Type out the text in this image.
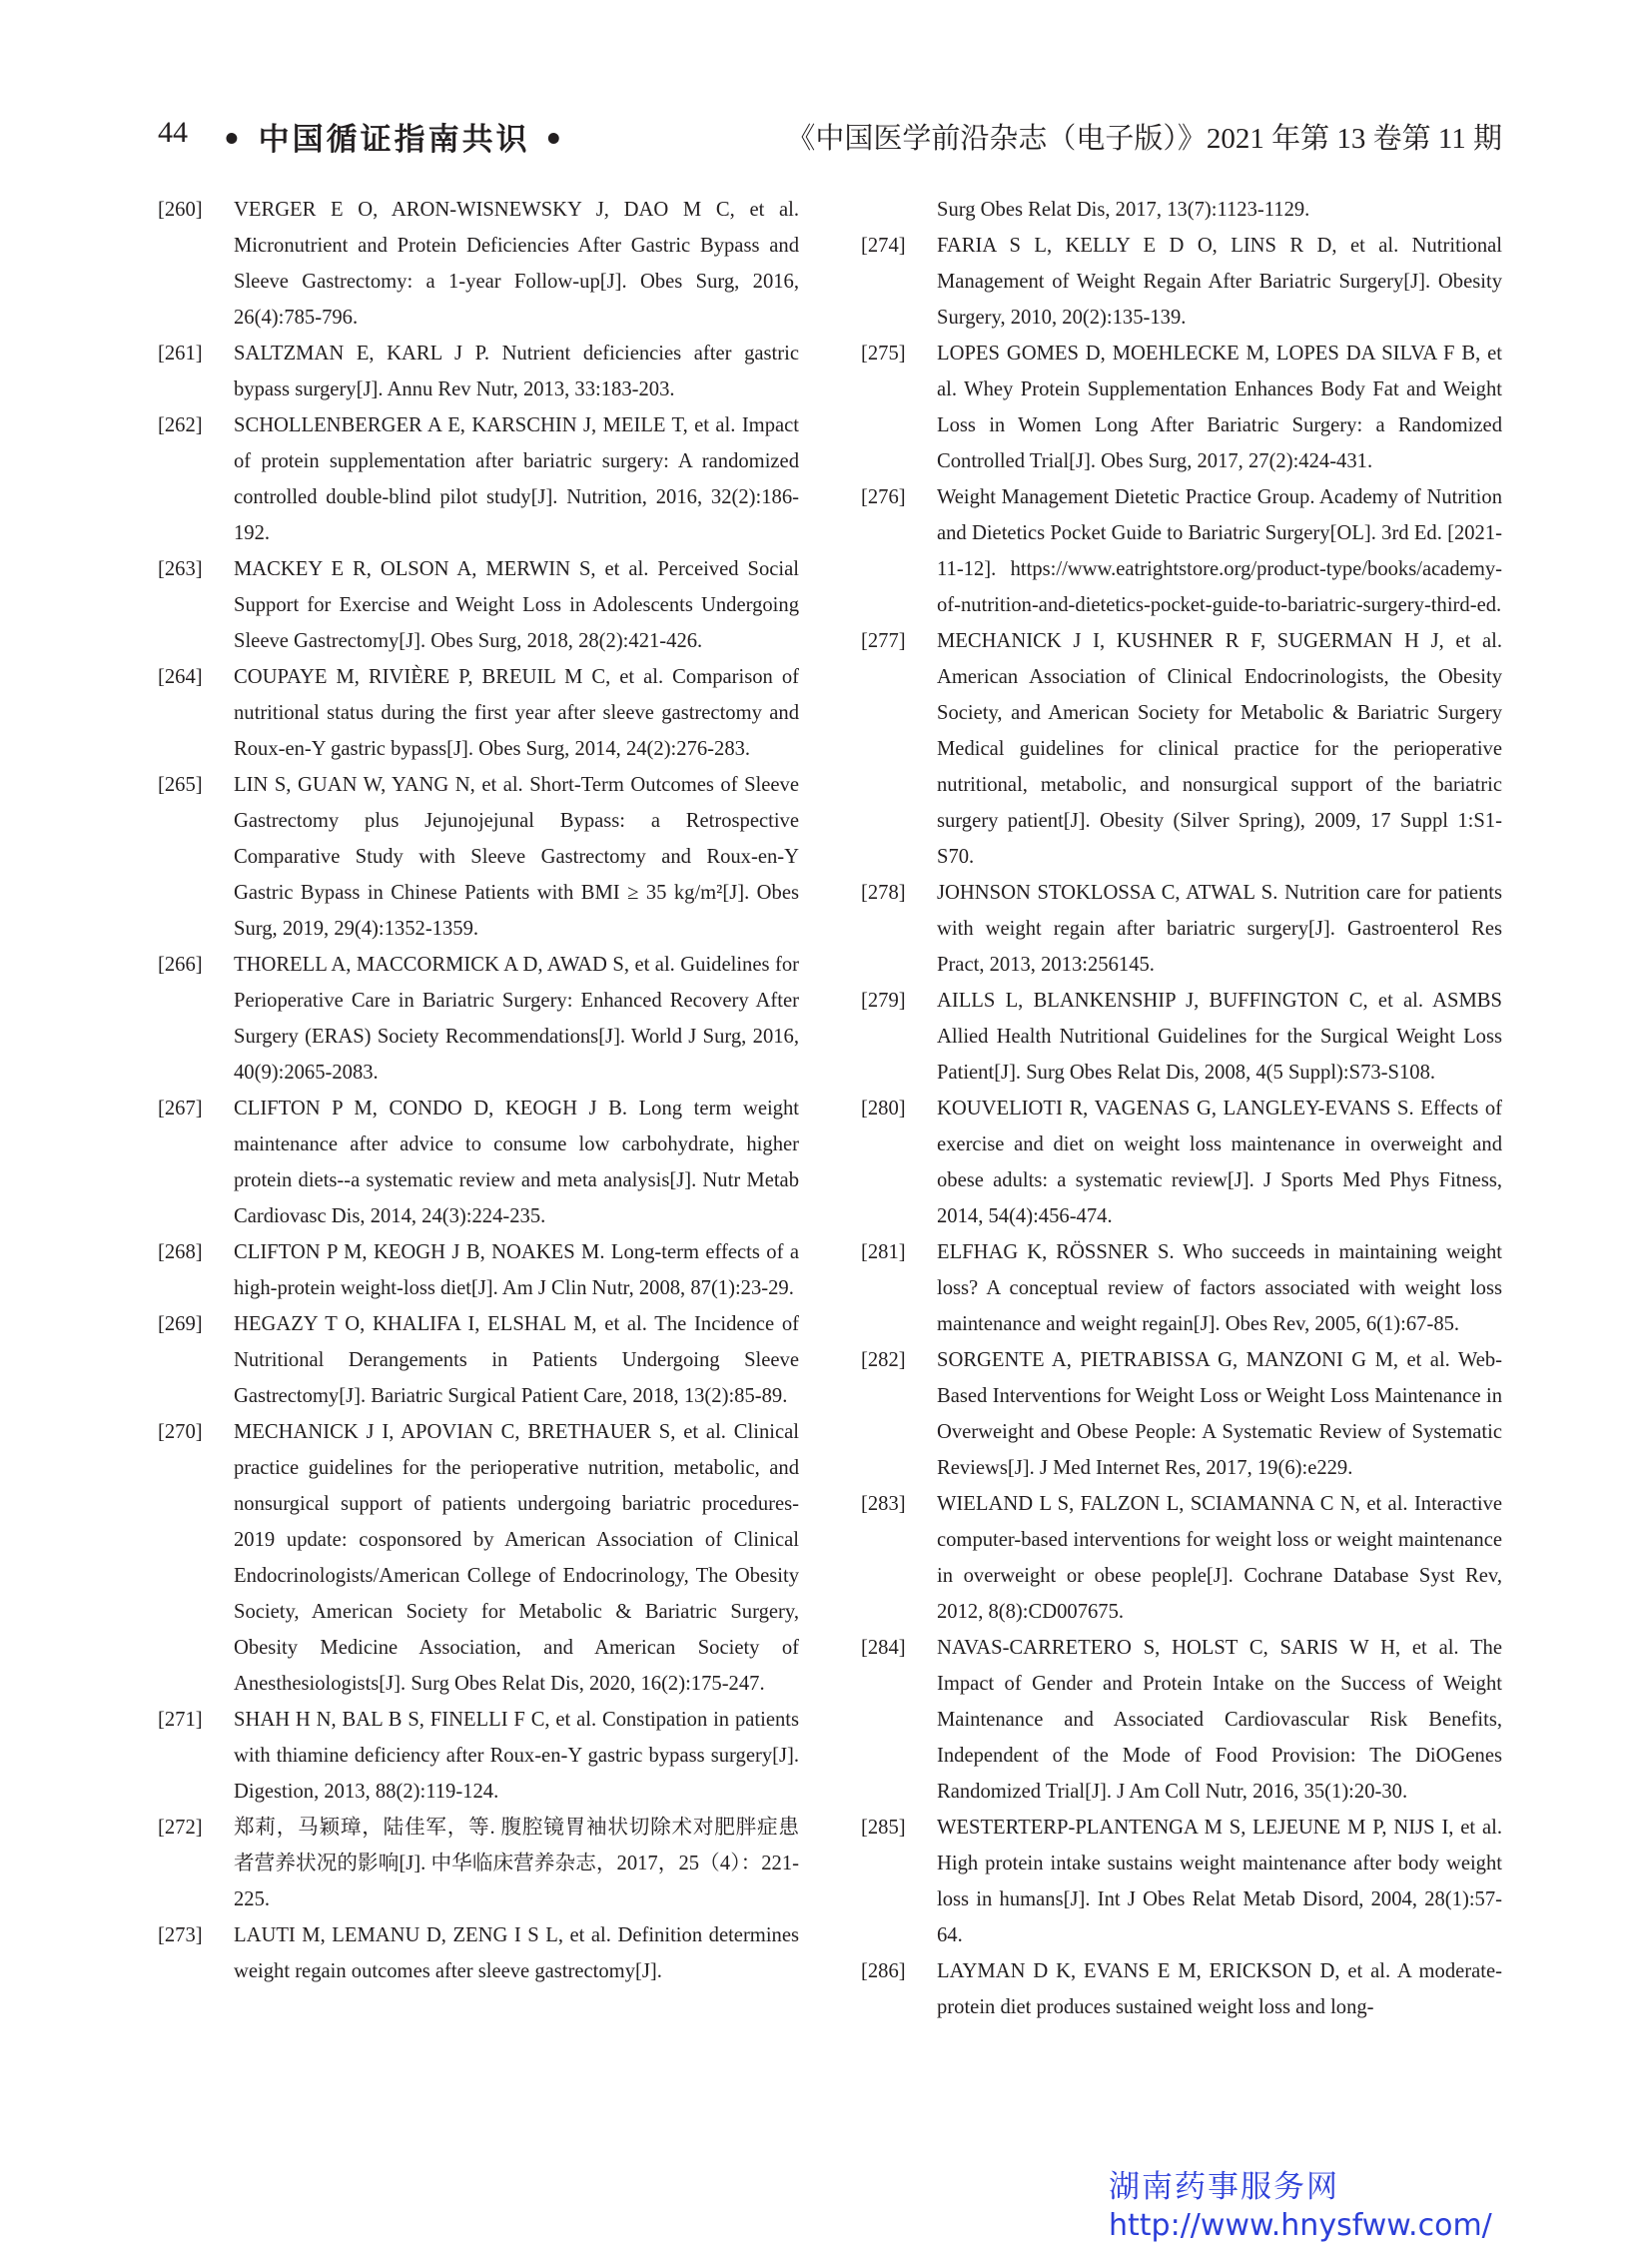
44 • 中国循证指南共识 •	《中国医学前沿杂志（电子版）》2021 年第 13 卷第 11 期
[260] VERGER E O, ARON-WISNEWSKY J, DAO M C, et al. Micronutrient and Protein Deficiencies After Gastric Bypass and Sleeve Gastrectomy: a 1-year Follow-up[J]. Obes Surg, 2016, 26(4):785-796.
[261] SALTZMAN E, KARL J P. Nutrient deficiencies after gastric bypass surgery[J]. Annu Rev Nutr, 2013, 33:183-203.
[262] SCHOLLENBERGER A E, KARSCHIN J, MEILE T, et al. Impact of protein supplementation after bariatric surgery: A randomized controlled double-blind pilot study[J]. Nutrition, 2016, 32(2):186-192.
[263] MACKEY E R, OLSON A, MERWIN S, et al. Perceived Social Support for Exercise and Weight Loss in Adolescents Undergoing Sleeve Gastrectomy[J]. Obes Surg, 2018, 28(2):421-426.
[264] COUPAYE M, RIVIÈRE P, BREUIL M C, et al. Comparison of nutritional status during the first year after sleeve gastrectomy and Roux-en-Y gastric bypass[J]. Obes Surg, 2014, 24(2):276-283.
[265] LIN S, GUAN W, YANG N, et al. Short-Term Outcomes of Sleeve Gastrectomy plus Jejunojejunal Bypass: a Retrospective Comparative Study with Sleeve Gastrectomy and Roux-en-Y Gastric Bypass in Chinese Patients with BMI ≥ 35 kg/m²[J]. Obes Surg, 2019, 29(4):1352-1359.
[266] THORELL A, MACCORMICK A D, AWAD S, et al. Guidelines for Perioperative Care in Bariatric Surgery: Enhanced Recovery After Surgery (ERAS) Society Recommendations[J]. World J Surg, 2016, 40(9):2065-2083.
[267] CLIFTON P M, CONDO D, KEOGH J B. Long term weight maintenance after advice to consume low carbohydrate, higher protein diets--a systematic review and meta analysis[J]. Nutr Metab Cardiovasc Dis, 2014, 24(3):224-235.
[268] CLIFTON P M, KEOGH J B, NOAKES M. Long-term effects of a high-protein weight-loss diet[J]. Am J Clin Nutr, 2008, 87(1):23-29.
[269] HEGAZY T O, KHALIFA I, ELSHAL M, et al. The Incidence of Nutritional Derangements in Patients Undergoing Sleeve Gastrectomy[J]. Bariatric Surgical Patient Care, 2018, 13(2):85-89.
[270] MECHANICK J I, APOVIAN C, BRETHAUER S, et al. Clinical practice guidelines for the perioperative nutrition, metabolic, and nonsurgical support of patients undergoing bariatric procedures-2019 update: cosponsored by American Association of Clinical Endocrinologists/American College of Endocrinology, The Obesity Society, American Society for Metabolic & Bariatric Surgery, Obesity Medicine Association, and American Society of Anesthesiologists[J]. Surg Obes Relat Dis, 2020, 16(2):175-247.
[271] SHAH H N, BAL B S, FINELLI F C, et al. Constipation in patients with thiamine deficiency after Roux-en-Y gastric bypass surgery[J]. Digestion, 2013, 88(2):119-124.
[272] 郑莉，马颖璋，陆佳军，等. 腹腔镜胃袖状切除术对肥胖症患者营养状况的影响[J]. 中华临床营养杂志，2017，25（4）：221-225.
[273] LAUTI M, LEMANU D, ZENG I S L, et al. Definition determines weight regain outcomes after sleeve gastrectomy[J].
Surg Obes Relat Dis, 2017, 13(7):1123-1129.
[274] FARIA S L, KELLY E D O, LINS R D, et al. Nutritional Management of Weight Regain After Bariatric Surgery[J]. Obesity Surgery, 2010, 20(2):135-139.
[275] LOPES GOMES D, MOEHLECKE M, LOPES DA SILVA F B, et al. Whey Protein Supplementation Enhances Body Fat and Weight Loss in Women Long After Bariatric Surgery: a Randomized Controlled Trial[J]. Obes Surg, 2017, 27(2):424-431.
[276] Weight Management Dietetic Practice Group. Academy of Nutrition and Dietetics Pocket Guide to Bariatric Surgery[OL]. 3rd Ed. [2021-11-12]. https://www.eatrightstore.org/product-type/books/academy-of-nutrition-and-dietetics-pocket-guide-to-bariatric-surgery-third-ed.
[277] MECHANICK J I, KUSHNER R F, SUGERMAN H J, et al. American Association of Clinical Endocrinologists, the Obesity Society, and American Society for Metabolic & Bariatric Surgery Medical guidelines for clinical practice for the perioperative nutritional, metabolic, and nonsurgical support of the bariatric surgery patient[J]. Obesity (Silver Spring), 2009, 17 Suppl 1:S1-S70.
[278] JOHNSON STOKLOSSA C, ATWAL S. Nutrition care for patients with weight regain after bariatric surgery[J]. Gastroenterol Res Pract, 2013, 2013:256145.
[279] AILLS L, BLANKENSHIP J, BUFFINGTON C, et al. ASMBS Allied Health Nutritional Guidelines for the Surgical Weight Loss Patient[J]. Surg Obes Relat Dis, 2008, 4(5 Suppl):S73-S108.
[280] KOUVELIOTI R, VAGENAS G, LANGLEY-EVANS S. Effects of exercise and diet on weight loss maintenance in overweight and obese adults: a systematic review[J]. J Sports Med Phys Fitness, 2014, 54(4):456-474.
[281] ELFHAG K, RÖSSNER S. Who succeeds in maintaining weight loss? A conceptual review of factors associated with weight loss maintenance and weight regain[J]. Obes Rev, 2005, 6(1):67-85.
[282] SORGENTE A, PIETRABISSA G, MANZONI G M, et al. Web-Based Interventions for Weight Loss or Weight Loss Maintenance in Overweight and Obese People: A Systematic Review of Systematic Reviews[J]. J Med Internet Res, 2017, 19(6):e229.
[283] WIELAND L S, FALZON L, SCIAMANNA C N, et al. Interactive computer-based interventions for weight loss or weight maintenance in overweight or obese people[J]. Cochrane Database Syst Rev, 2012, 8(8):CD007675.
[284] NAVAS-CARRETERO S, HOLST C, SARIS W H, et al. The Impact of Gender and Protein Intake on the Success of Weight Maintenance and Associated Cardiovascular Risk Benefits, Independent of the Mode of Food Provision: The DiOGenes Randomized Trial[J]. J Am Coll Nutr, 2016, 35(1):20-30.
[285] WESTERTERP-PLANTENGA M S, LEJEUNE M P, NIJS I, et al. High protein intake sustains weight maintenance after body weight loss in humans[J]. Int J Obes Relat Metab Disord, 2004, 28(1):57-64.
[286] LAYMAN D K, EVANS E M, ERICKSON D, et al. A moderate-protein diet produces sustained weight loss and long-
湖南药事服务网
http://www.hnysfww.com/
